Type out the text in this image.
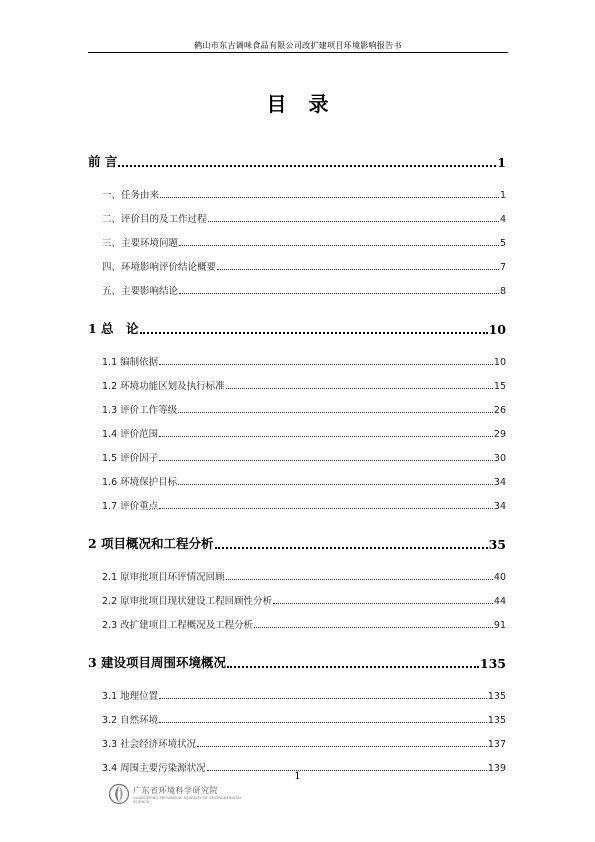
鹤山市东古调味食品有限公司改扩建项目环境影响报告书
目录
前 言	1
一、任务由来	1
二、评价目的及工作过程	4
三、主要环境问题	5
四、环境影响评价结论概要	7
五、主要影响结论	8
1 总　论	10
1.1 编制依据	10
1.2 环境功能区划及执行标准	15
1.3 评价工作等级	26
1.4 评价范围	29
1.5 评价因子	30
1.6 环境保护目标	34
1.7 评价重点	34
2 项目概况和工程分析	35
2.1 原审批项目环评情况回顾	40
2.2 原审批项目现状建设工程回顾性分析	44
2.3 改扩建项目工程概况及工程分析	91
3 建设项目周围环境概况	135
3.1 地理位置	135
3.2 自然环境	135
3.3 社会经济环境状况	137
3.4 周围主要污染源状况	139
1
广东省环境科学研究院
GUANGDONG PROVINCIAL ACADEMY OF ENVIRONMENTAL SCIENCE
